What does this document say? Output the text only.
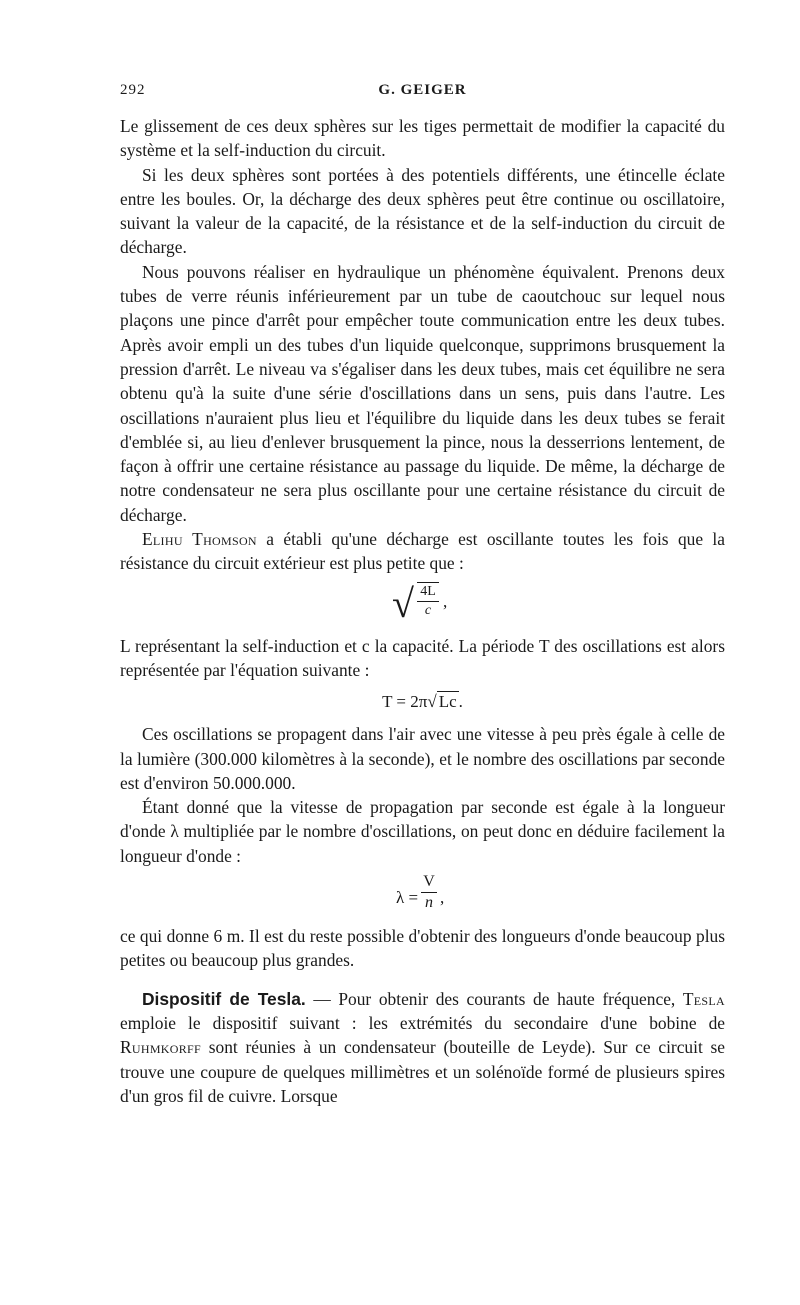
292	G. GEIGER

Le glissement de ces deux sphères sur les tiges permettait de modifier la capacité du système et la self-induction du circuit.

Si les deux sphères sont portées à des potentiels différents, une étincelle éclate entre les boules. Or, la décharge des deux sphères peut être continue ou oscillatoire, suivant la valeur de la capacité, de la résistance et de la self-induction du circuit de décharge.

Nous pouvons réaliser en hydraulique un phénomène équivalent. Prenons deux tubes de verre réunis inférieurement par un tube de caoutchouc sur lequel nous plaçons une pince d'arrêt pour empêcher toute communication entre les deux tubes. Après avoir empli un des tubes d'un liquide quelconque, supprimons brusquement la pression d'arrêt. Le niveau va s'égaliser dans les deux tubes, mais cet équilibre ne sera obtenu qu'à la suite d'une série d'oscillations dans un sens, puis dans l'autre. Les oscillations n'auraient plus lieu et l'équilibre du liquide dans les deux tubes se ferait d'emblée si, au lieu d'enlever brusquement la pince, nous la desserrions lentement, de façon à offrir une certaine résistance au passage du liquide. De même, la décharge de notre condensateur ne sera plus oscillante pour une certaine résistance du circuit de décharge.

Elihu Thomson a établi qu'une décharge est oscillante toutes les fois que la résistance du circuit extérieur est plus petite que :

√ $\frac{4L}{c}$ ,

L représentant la self-induction et c la capacité. La période T des oscillations est alors représentée par l'équation suivante :

T = 2π√ Lc .

Ces oscillations se propagent dans l'air avec une vitesse à peu près égale à celle de la lumière (300.000 kilomètres à la seconde), et le nombre des oscillations par seconde est d'environ 50.000.000.

Étant donné que la vitesse de propagation par seconde est égale à la longueur d'onde λ multipliée par le nombre d'oscillations, on peut donc en déduire facilement la longueur d'onde :

$\lambda = \frac{V}{n}$ ,

ce qui donne 6 m. Il est du reste possible d'obtenir des longueurs d'onde beaucoup plus petites ou beaucoup plus grandes.

Dispositif de Tesla. — Pour obtenir des courants de haute fréquence, Tesla emploie le dispositif suivant : les extrémités du secondaire d'une bobine de Ruhmkorff sont réunies à un condensateur (bouteille de Leyde). Sur ce circuit se trouve une coupure de quelques millimètres et un solénoïde formé de plusieurs spires d'un gros fil de cuivre. Lorsque
